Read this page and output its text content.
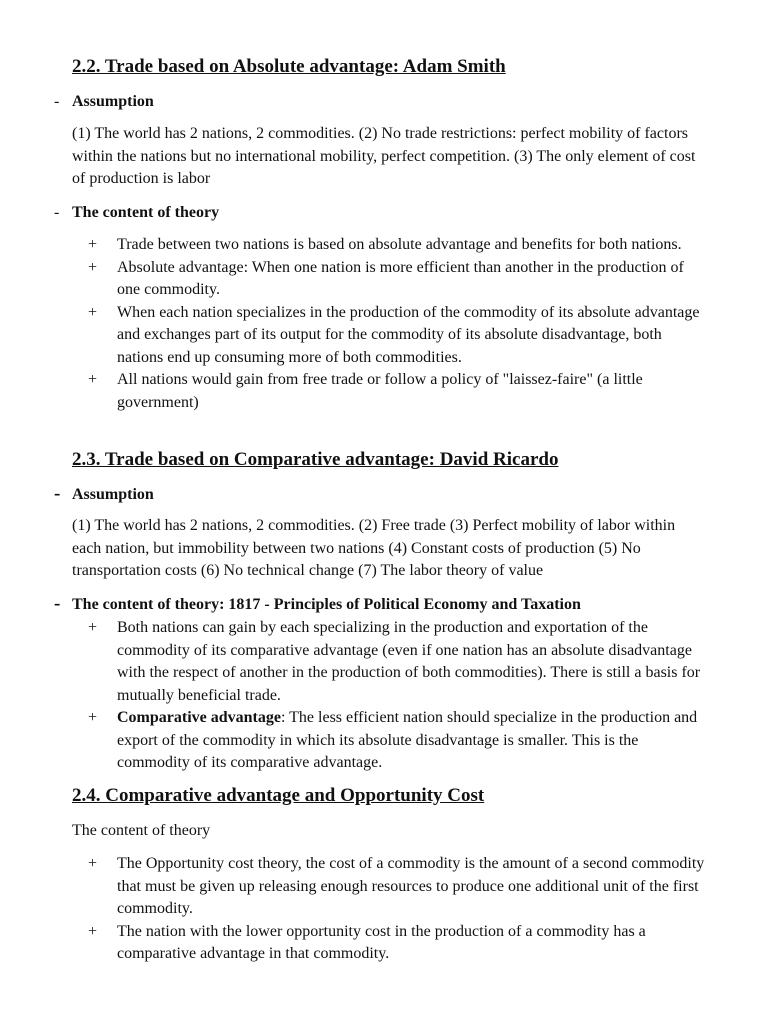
2.2. Trade based on Absolute advantage: Adam Smith
- Assumption
(1) The world has 2 nations, 2 commodities. (2) No trade restrictions: perfect mobility of factors within the nations but no international mobility, perfect competition. (3) The only element of cost of production is labor
- The content of theory
+ Trade between two nations is based on absolute advantage and benefits for both nations.
+ Absolute advantage: When one nation is more efficient than another in the production of one commodity.
+ When each nation specializes in the production of the commodity of its absolute advantage and exchanges part of its output for the commodity of its absolute disadvantage, both nations end up consuming more of both commodities.
+ All nations would gain from free trade or follow a policy of "laissez-faire" (a little government)
2.3. Trade based on Comparative advantage: David Ricardo
- Assumption
(1) The world has 2 nations, 2 commodities. (2) Free trade (3) Perfect mobility of labor within each nation, but immobility between two nations (4) Constant costs of production (5) No transportation costs (6) No technical change (7) The labor theory of value
- The content of theory: 1817 - Principles of Political Economy and Taxation
+ Both nations can gain by each specializing in the production and exportation of the commodity of its comparative advantage (even if one nation has an absolute disadvantage with the respect of another in the production of both commodities). There is still a basis for mutually beneficial trade.
+ Comparative advantage: The less efficient nation should specialize in the production and export of the commodity in which its absolute disadvantage is smaller. This is the commodity of its comparative advantage.
2.4. Comparative advantage and Opportunity Cost
The content of theory
+ The Opportunity cost theory, the cost of a commodity is the amount of a second commodity that must be given up releasing enough resources to produce one additional unit of the first commodity.
+ The nation with the lower opportunity cost in the production of a commodity has a comparative advantage in that commodity.
